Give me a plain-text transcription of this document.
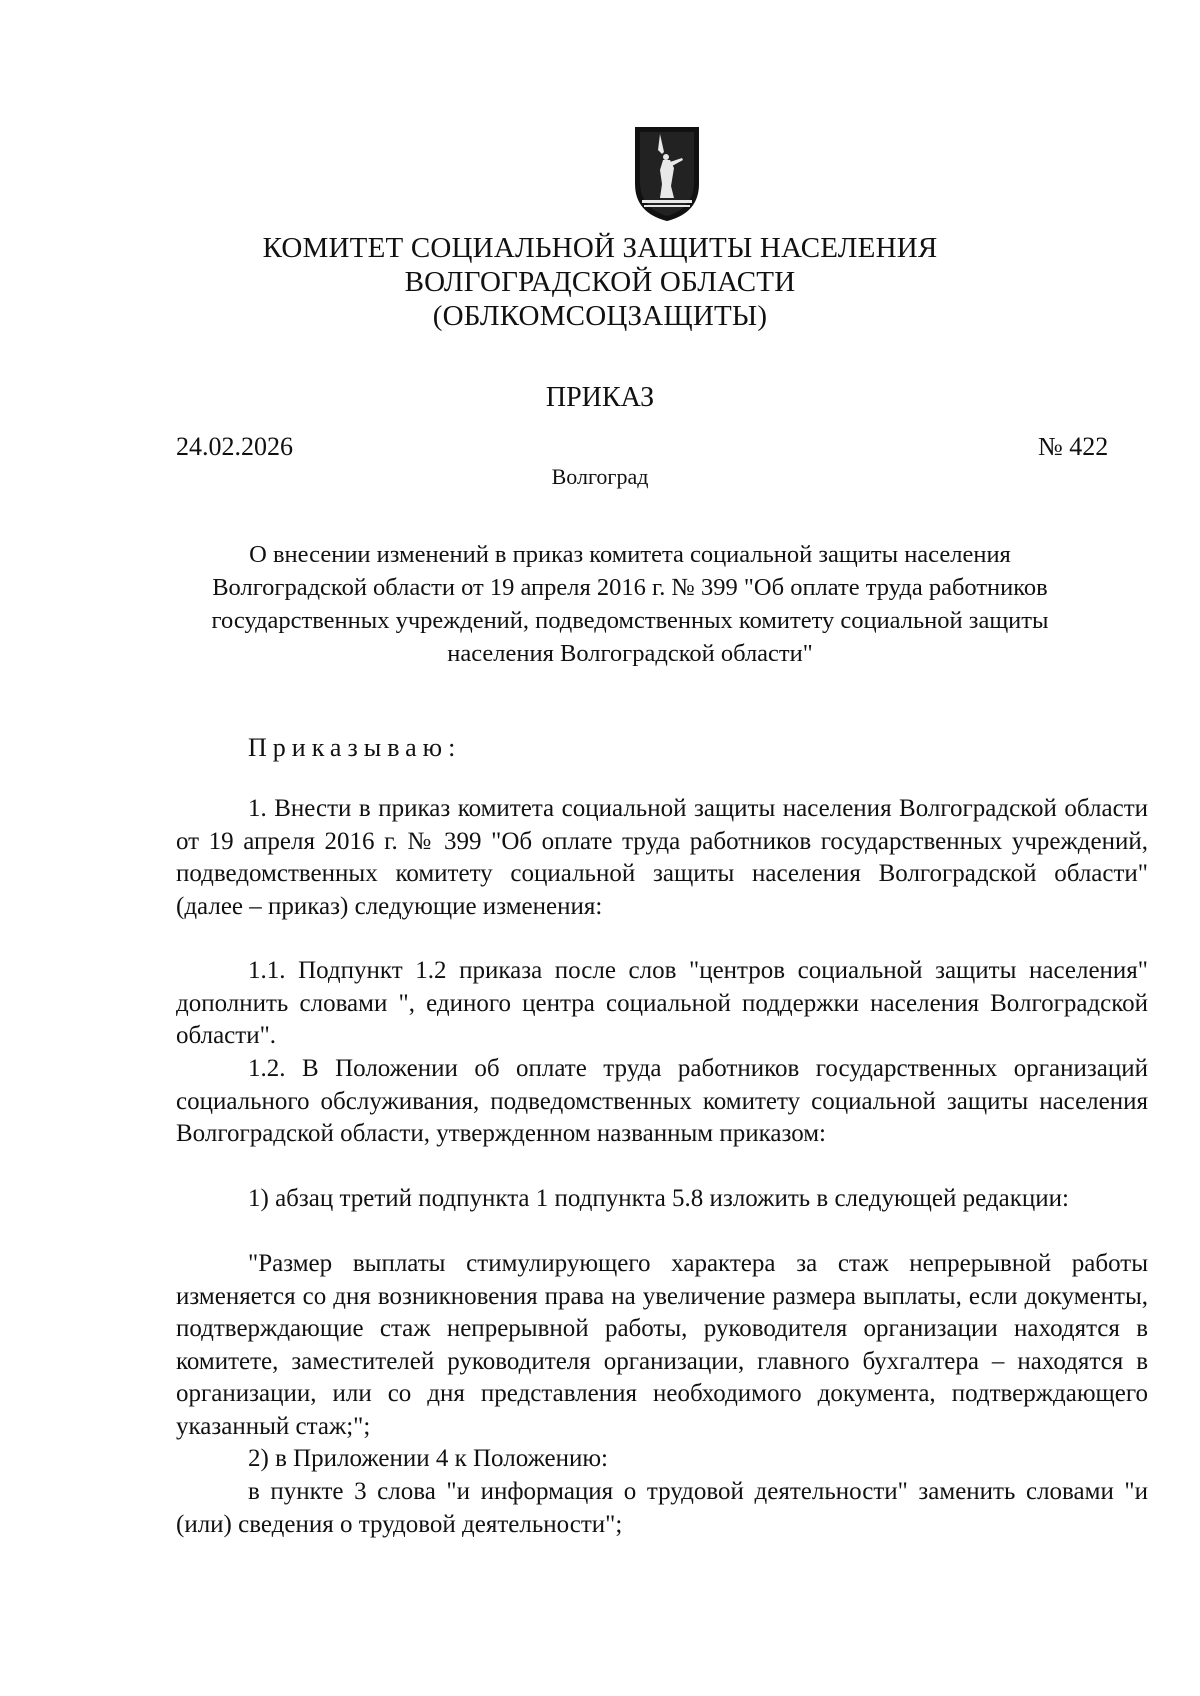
КОМИТЕТ СОЦИАЛЬНОЙ ЗАЩИТЫ НАСЕЛЕНИЯ
ВОЛГОГРАДСКОЙ ОБЛАСТИ
(ОБЛКОМСОЦЗАЩИТЫ)
ПРИКАЗ
24.02.2026	№ 422
Волгоград
О внесении изменений в приказ комитета социальной защиты населения Волгоградской области от 19 апреля 2016 г. № 399 "Об оплате труда работников государственных учреждений, подведомственных комитету социальной защиты населения Волгоградской области"
Приказываю:
1. Внести в приказ комитета социальной защиты населения Волгоградской области от 19 апреля 2016 г. № 399 "Об оплате труда работников государственных учреждений, подведомственных комитету социальной защиты населения Волгоградской области" (далее – приказ) следующие изменения:
1.1. Подпункт 1.2 приказа после слов "центров социальной защиты населения" дополнить словами ", единого центра социальной поддержки населения Волгоградской области".
1.2. В Положении об оплате труда работников государственных организаций социального обслуживания, подведомственных комитету социальной защиты населения Волгоградской области, утвержденном названным приказом:
1) абзац третий подпункта 1 подпункта 5.8 изложить в следующей редакции:
"Размер выплаты стимулирующего характера за стаж непрерывной работы изменяется со дня возникновения права на увеличение размера выплаты, если документы, подтверждающие стаж непрерывной работы, руководителя организации находятся в комитете, заместителей руководителя организации, главного бухгалтера – находятся в организации, или со дня представления необходимого документа, подтверждающего указанный стаж;";
2) в Приложении 4 к Положению:
в пункте 3 слова "и информация о трудовой деятельности" заменить словами "и (или) сведения о трудовой деятельности";
